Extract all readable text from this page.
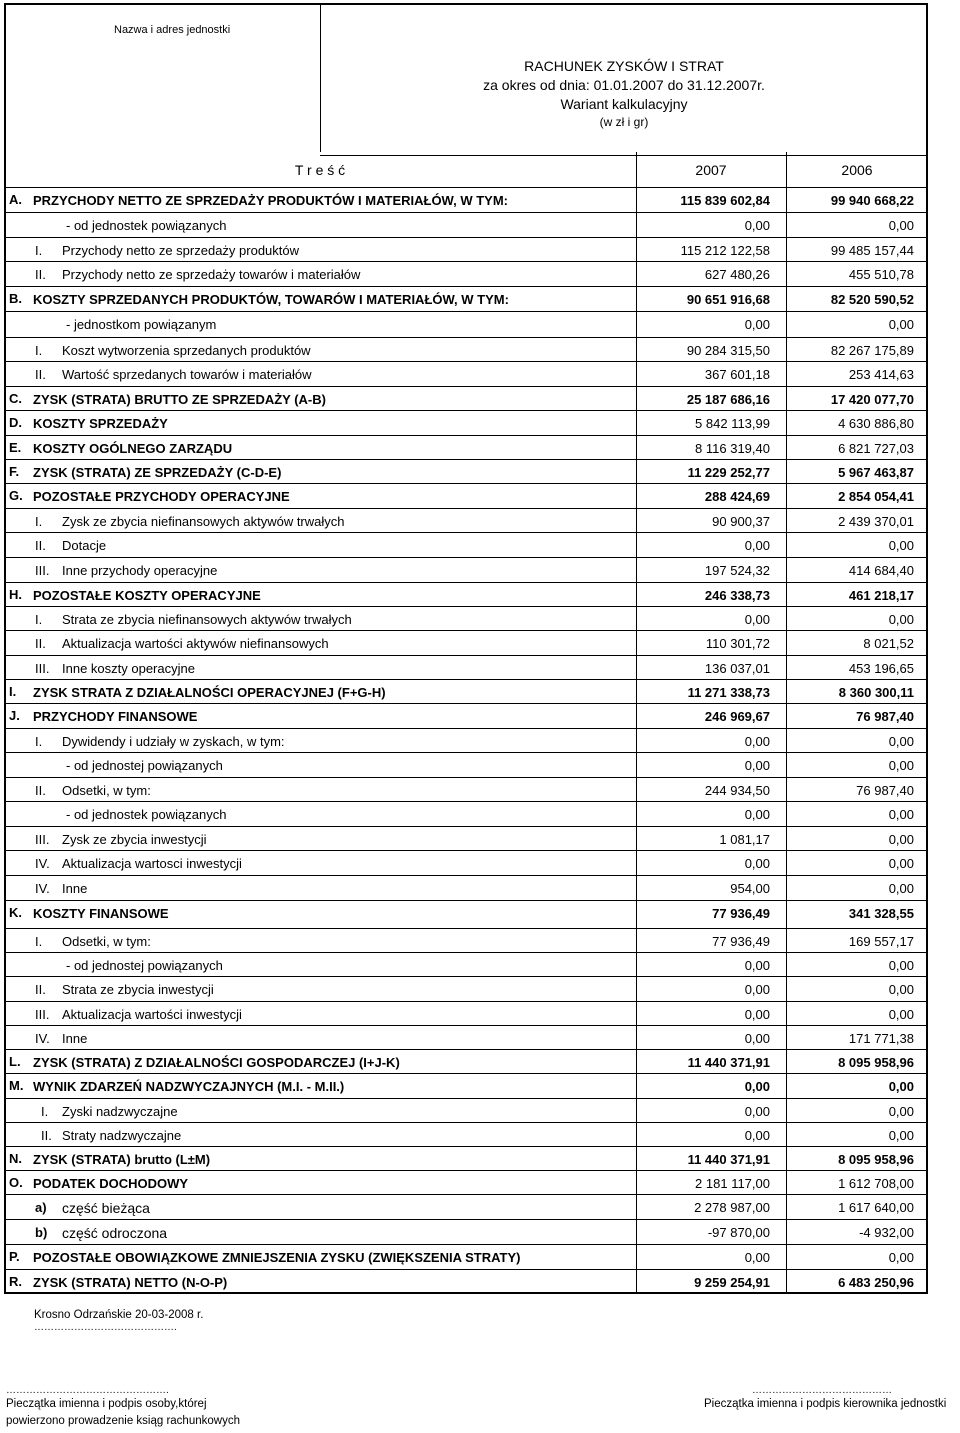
Nazwa i adres jednostki
RACHUNEK ZYSKÓW I STRAT
za okres od dnia: 01.01.2007 do 31.12.2007r.
Wariant kalkulacyjny
(w zł i gr)
T r e ś ć	2007	2006
A. PRZYCHODY NETTO ZE SPRZEDAŻY PRODUKTÓW I MATERIAŁÓW, W TYM:	115 839 602,84	99 940 668,22
- od jednostek powiązanych	0,00	0,00
I.	Przychody netto ze sprzedaży produktów	115 212 122,58	99 485 157,44
II.	Przychody netto ze sprzedaży towarów i materiałów	627 480,26	455 510,78
B. KOSZTY SPRZEDANYCH PRODUKTÓW, TOWARÓW I MATERIAŁÓW, W TYM:	90 651 916,68	82 520 590,52
- jednostkom powiązanym	0,00	0,00
I.	Koszt wytworzenia sprzedanych produktów	90 284 315,50	82 267 175,89
II.	Wartość sprzedanych towarów i materiałów	367 601,18	253 414,63
C. ZYSK (STRATA) BRUTTO ZE SPRZEDAŻY (A-B)	25 187 686,16	17 420 077,70
D. KOSZTY SPRZEDAŻY	5 842 113,99	4 630 886,80
E. KOSZTY OGÓLNEGO ZARZĄDU	8 116 319,40	6 821 727,03
F.	ZYSK (STRATA) ZE SPRZEDAŻY (C-D-E)	11 229 252,77	5 967 463,87
G. POZOSTAŁE PRZYCHODY OPERACYJNE	288 424,69	2 854 054,41
I.	Zysk ze zbycia niefinansowych aktywów trwałych	90 900,37	2 439 370,01
II.	Dotacje	0,00	0,00
III. Inne przychody operacyjne	197 524,32	414 684,40
H. POZOSTAŁE KOSZTY OPERACYJNE	246 338,73	461 218,17
I.	Strata ze zbycia niefinansowych aktywów trwałych	0,00	0,00
II.	Aktualizacja wartości aktywów niefinansowych	110 301,72	8 021,52
III. Inne koszty operacyjne	136 037,01	453 196,65
I.	ZYSK STRATA Z DZIAŁALNOŚCI OPERACYJNEJ (F+G-H)	11 271 338,73	8 360 300,11
J.	PRZYCHODY FINANSOWE	246 969,67	76 987,40
I.	Dywidendy i udziały w zyskach, w tym:	0,00	0,00
- od jednostej powiązanych	0,00	0,00
II.	Odsetki, w tym:	244 934,50	76 987,40
- od jednostek powiązanych	0,00	0,00
III. Zysk ze zbycia inwestycji	1 081,17	0,00
IV. Aktualizacja wartosci inwestycji	0,00	0,00
IV. Inne	954,00	0,00
K. KOSZTY FINANSOWE	77 936,49	341 328,55
I.	Odsetki, w tym:	77 936,49	169 557,17
- od jednostej powiązanych	0,00	0,00
II.	Strata ze zbycia inwestycji	0,00	0,00
III. Aktualizacja wartości inwestycji	0,00	0,00
IV. Inne	0,00	171 771,38
L. ZYSK (STRATA) Z DZIAŁALNOŚCI GOSPODARCZEJ (I+J-K)	11 440 371,91	8 095 958,96
M. WYNIK ZDARZEŃ NADZWYCZAJNYCH (M.I. - M.II.)	0,00	0,00
I.	Zyski nadzwyczajne	0,00	0,00
II. Straty nadzwyczajne	0,00	0,00
N. ZYSK (STRATA) brutto (L±M)	11 440 371,91	8 095 958,96
O. PODATEK DOCHODOWY	2 181 117,00	1 612 708,00
a)	część bieżąca	2 278 987,00	1 617 640,00
b)	część odroczona	-97 870,00	-4 932,00
P.	POZOSTAŁE OBOWIĄZKOWE ZMNIEJSZENIA ZYSKU (ZWIĘKSZENIA STRATY)	0,00	0,00
R. ZYSK (STRATA) NETTO (N-O-P)	9 259 254,91	6 483 250,96
Krosno Odrzańskie 20-03-2008 r.
…………………………………….
………………………………………….
Pieczątka imienna i podpis osoby,której
powierzono prowadzenie ksiąg rachunkowych
……………………………………
Pieczątka imienna i podpis kierownika jednostki
